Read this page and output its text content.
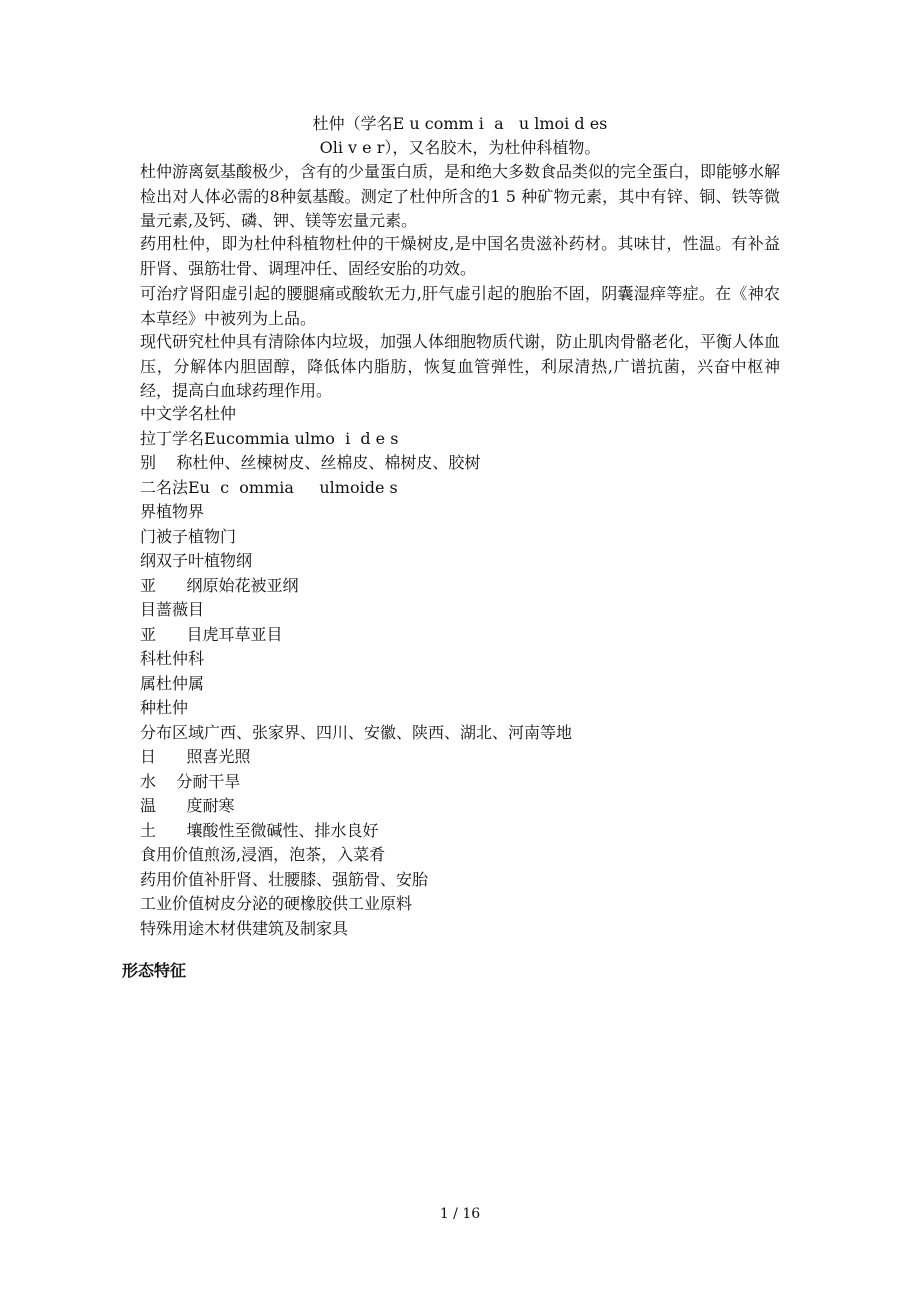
杜仲（学名E u comm i  a   u lmoi d es
Oli v e r），又名胶木，为杜仲科植物。

杜仲游离氨基酸极少，含有的少量蛋白质，是和绝大多数食品类似的完全蛋白，即能够水解检出对人体必需的8种氨基酸。测定了杜仲所含的1 5 种矿物元素，其中有锌、铜、铁等微量元素,及钙、磷、钾、镁等宏量元素。

药用杜仲，即为杜仲科植物杜仲的干燥树皮,是中国名贵滋补药材。其味甘，性温。有补益肝肾、强筋壮骨、调理冲任、固经安胎的功效。

可治疗肾阳虚引起的腰腿痛或酸软无力,肝气虚引起的胞胎不固，阴囊湿痒等症。在《神农本草经》中被列为上品。

现代研究杜仲具有清除体内垃圾，加强人体细胞物质代谢，防止肌肉骨骼老化，平衡人体血压，分解体内胆固醇，降低体内脂肪，恢复血管弹性，利尿清热,广谱抗菌，兴奋中枢神经，提高白血球药理作用。

中文学名杜仲
拉丁学名Eucommia ulmo  i  d e s
别    称杜仲、丝楝树皮、丝棉皮、棉树皮、胶树
二名法Eu  c  ommia     ulmoide s
界植物界
门被子植物门
纲双子叶植物纲
亚      纲原始花被亚纲
目蔷薇目
亚      目虎耳草亚目
科杜仲科
属杜仲属
种杜仲
分布区域广西、张家界、四川、安徽、陕西、湖北、河南等地
日      照喜光照
水    分耐干旱
温      度耐寒
土      壤酸性至微碱性、排水良好
食用价值煎汤,浸酒，泡茶，入菜肴
药用价值补肝肾、壮腰膝、强筋骨、安胎
工业价值树皮分泌的硬橡胶供工业原料
特殊用途木材供建筑及制家具
形态特征
1 / 16
